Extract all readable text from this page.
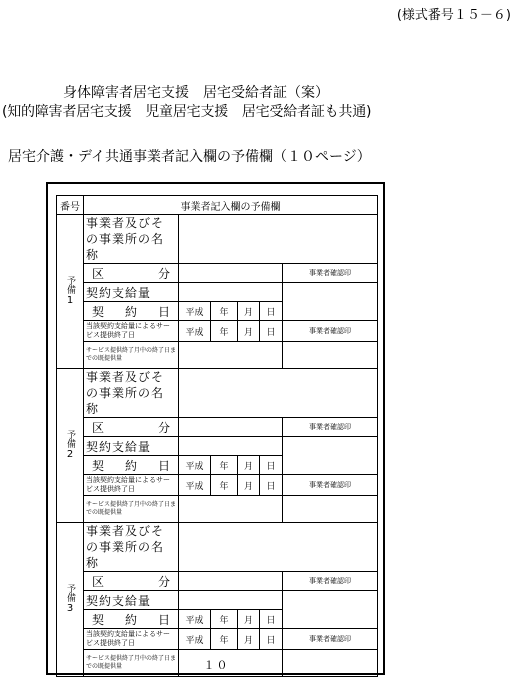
(様式番号１５－６)
身体障害者居宅支援　居宅受給者証（案）
(知的障害者居宅支援　児童居宅支援　居宅受給者証も共通)
居宅介護・デイ共通事業者記入欄の予備欄（１０ページ）
番号	事業者記入欄の予備欄					

予備
1	事業者及びその事業所の名称					

	区 分					事業者確認印
	契約支給量					

	契 約 日	平成	年	月	日	
	当該契約支給量によるサービス提供終了日	平成	年	月	日	事業者確認印
	サービス提供終了月中の終了日までの既提供量					

予備
2	事業者及びその事業所の名称					

	区 分					事業者確認印
	契約支給量					

	契 約 日	平成	年	月	日	
	当該契約支給量によるサービス提供終了日	平成	年	月	日	事業者確認印
	サービス提供終了月中の終了日までの既提供量					

予備
3	事業者及びその事業所の名称					

	区 分					事業者確認印
	契約支給量					

	契 約 日	平成	年	月	日	
	当該契約支給量によるサービス提供終了日	平成	年	月	日	事業者確認印
	サービス提供終了月中の終了日までの既提供量						１０
